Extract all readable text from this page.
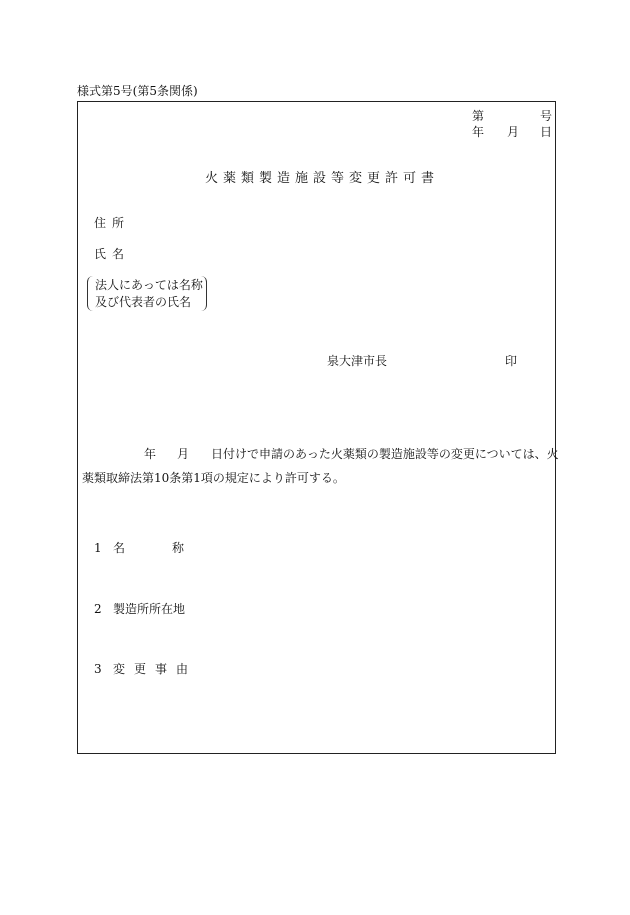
様式第5号(第5条関係)
第	号
年 月 日
火薬類製造施設等変更許可書
住所
氏名
法人にあっては名称
及び代表者の氏名
泉大津市長	印
年 月 日付けで申請のあった火薬類の製造施設等の変更については、火
薬類取締法第10条第1項の規定により許可する。
1 名	称
2 製造所所在地
3 変更事由
